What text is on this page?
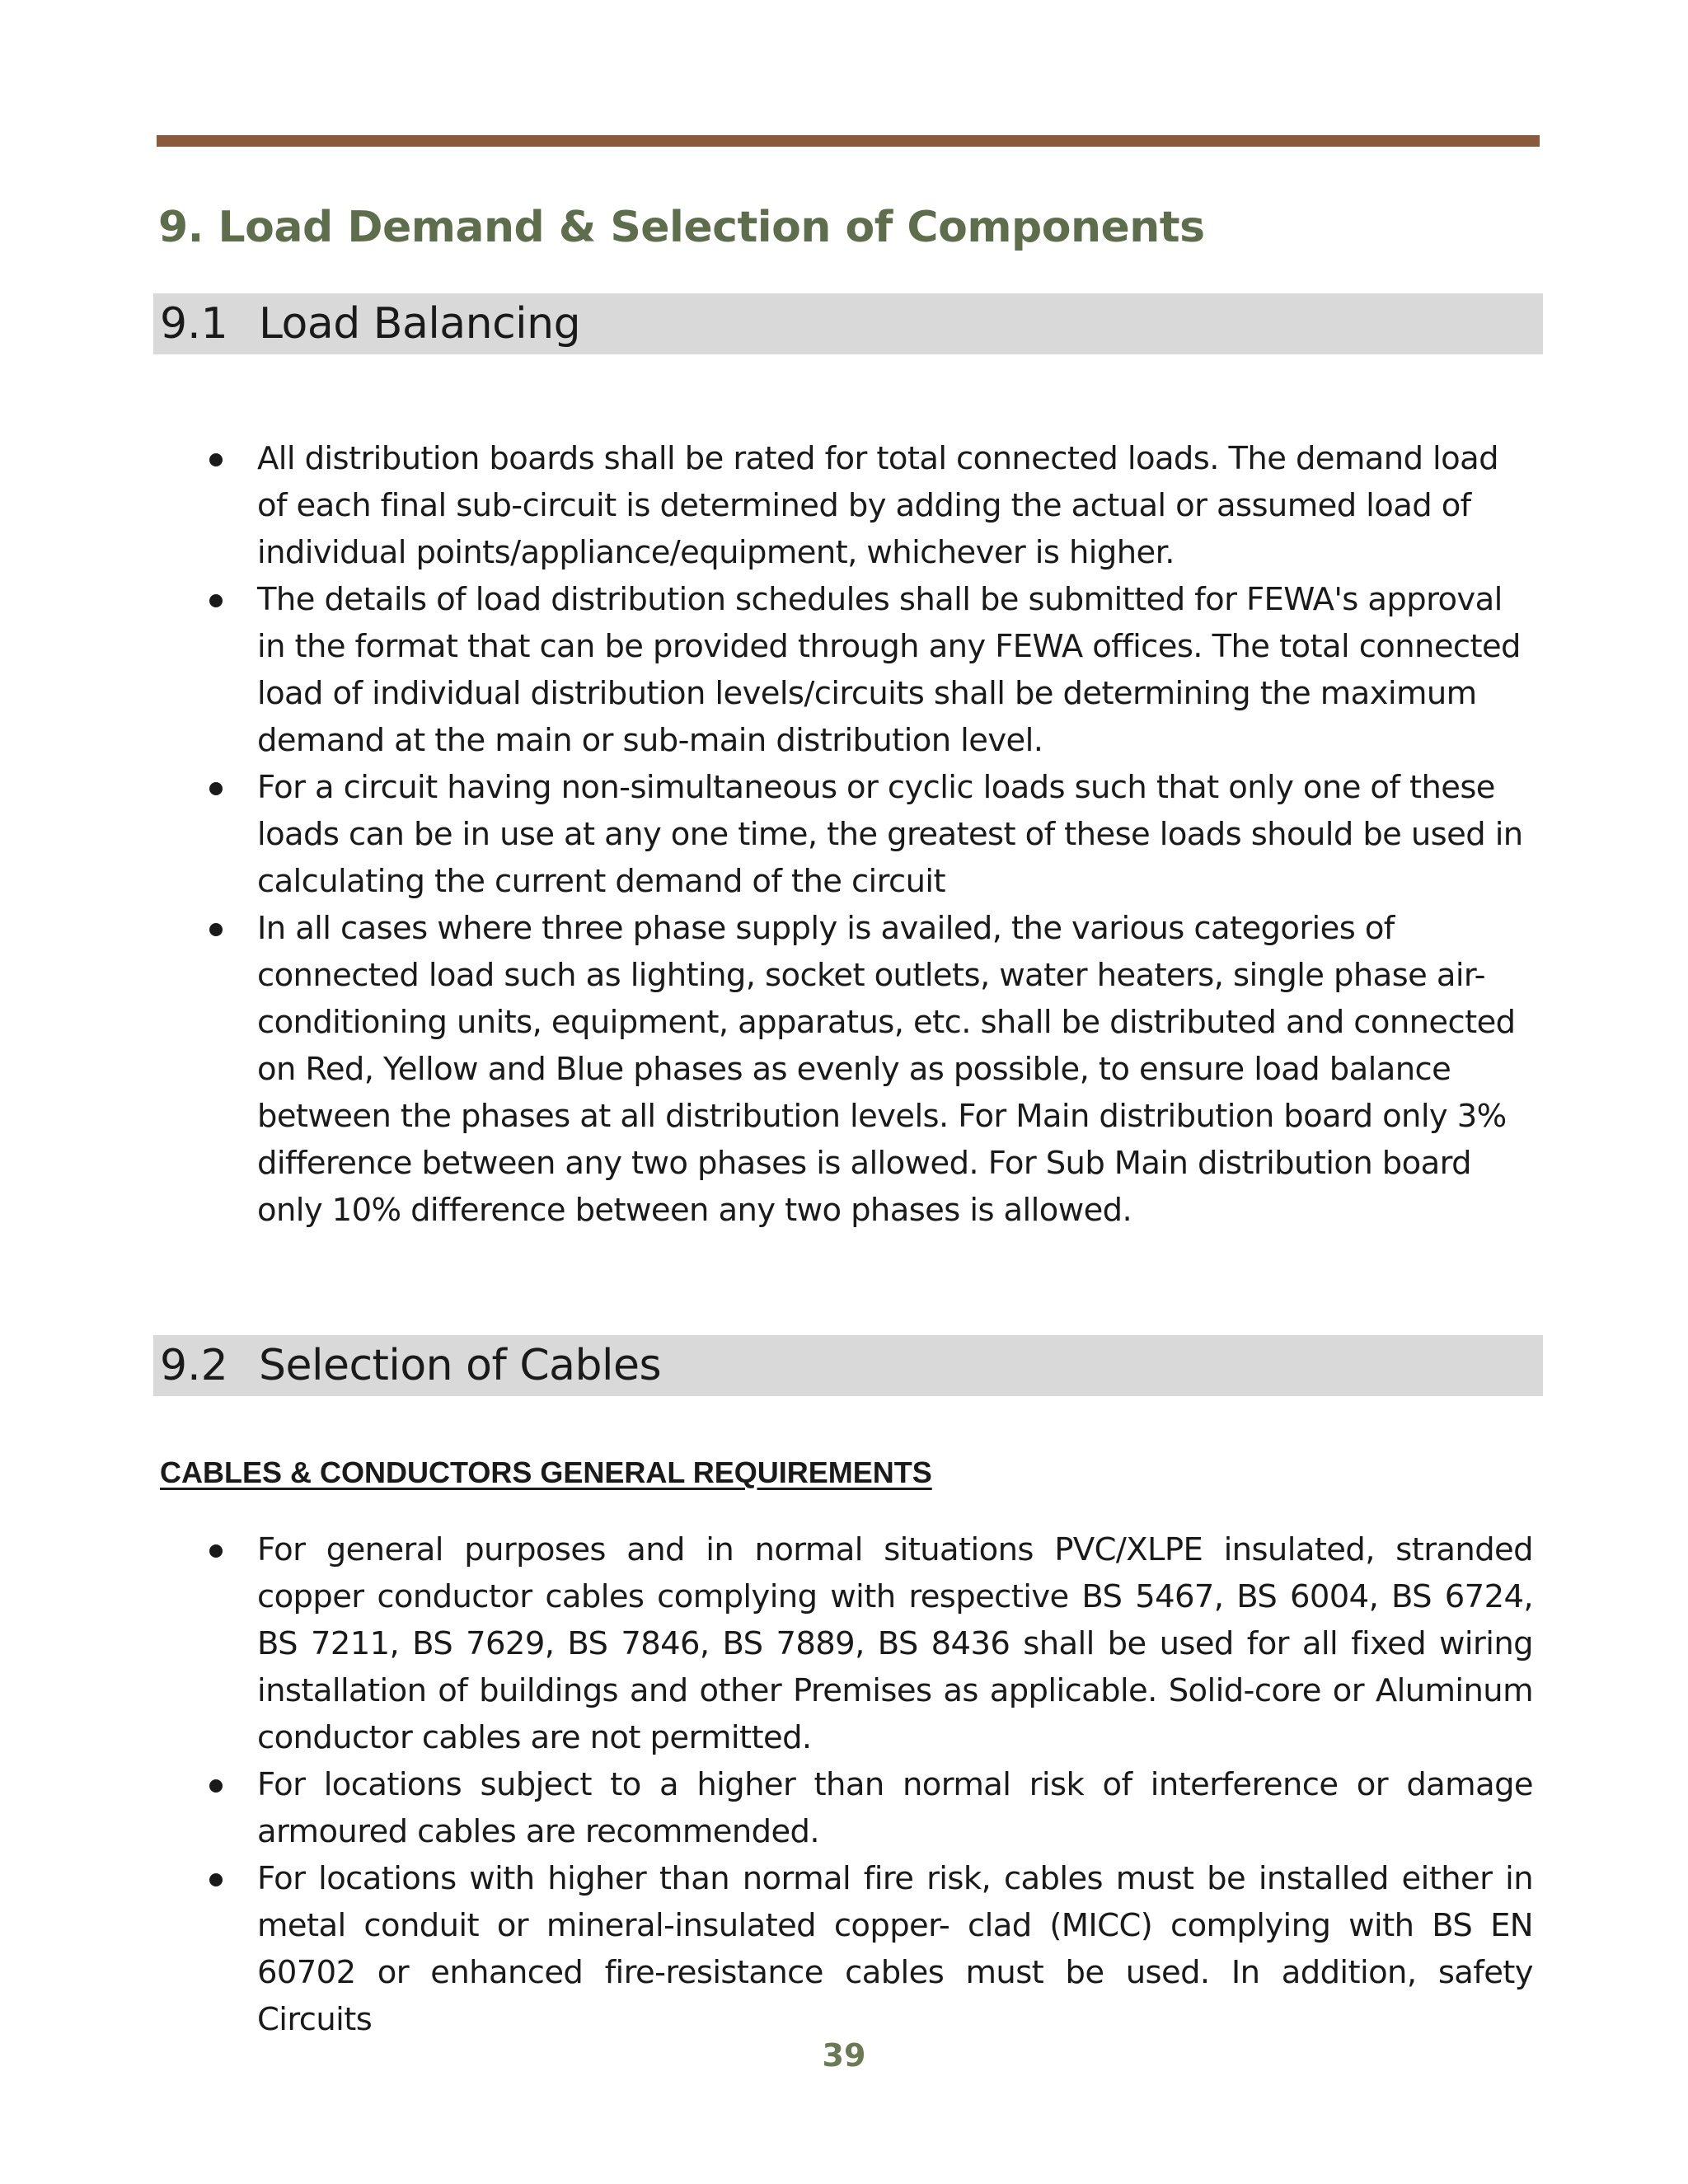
9. Load Demand & Selection of Components
9.1 Load Balancing
All distribution boards shall be rated for total connected loads. The demand load of each final sub-circuit is determined by adding the actual or assumed load of individual points/appliance/equipment, whichever is higher.
The details of load distribution schedules shall be submitted for FEWA's approval in the format that can be provided through any FEWA offices. The total connected load of individual distribution levels/circuits shall be determining the maximum demand at the main or sub-main distribution level.
For a circuit having non-simultaneous or cyclic loads such that only one of these loads can be in use at any one time, the greatest of these loads should be used in calculating the current demand of the circuit
In all cases where three phase supply is availed, the various categories of connected load such as lighting, socket outlets, water heaters, single phase air-conditioning units, equipment, apparatus, etc. shall be distributed and connected on Red, Yellow and Blue phases as evenly as possible, to ensure load balance between the phases at all distribution levels. For Main distribution board only 3% difference between any two phases is allowed. For Sub Main distribution board only 10% difference between any two phases is allowed.
9.2 Selection of Cables
CABLES & CONDUCTORS GENERAL REQUIREMENTS
For general purposes and in normal situations PVC/XLPE insulated, stranded copper conductor cables complying with respective BS 5467, BS 6004, BS 6724, BS 7211, BS 7629, BS 7846, BS 7889, BS 8436 shall be used for all fixed wiring installation of buildings and other Premises as applicable. Solid-core or Aluminum conductor cables are not permitted.
For locations subject to a higher than normal risk of interference or damage armoured cables are recommended.
For locations with higher than normal fire risk, cables must be installed either in metal conduit or mineral-insulated copper- clad (MICC) complying with BS EN 60702 or enhanced fire-resistance cables must be used. In addition, safety Circuits
39
